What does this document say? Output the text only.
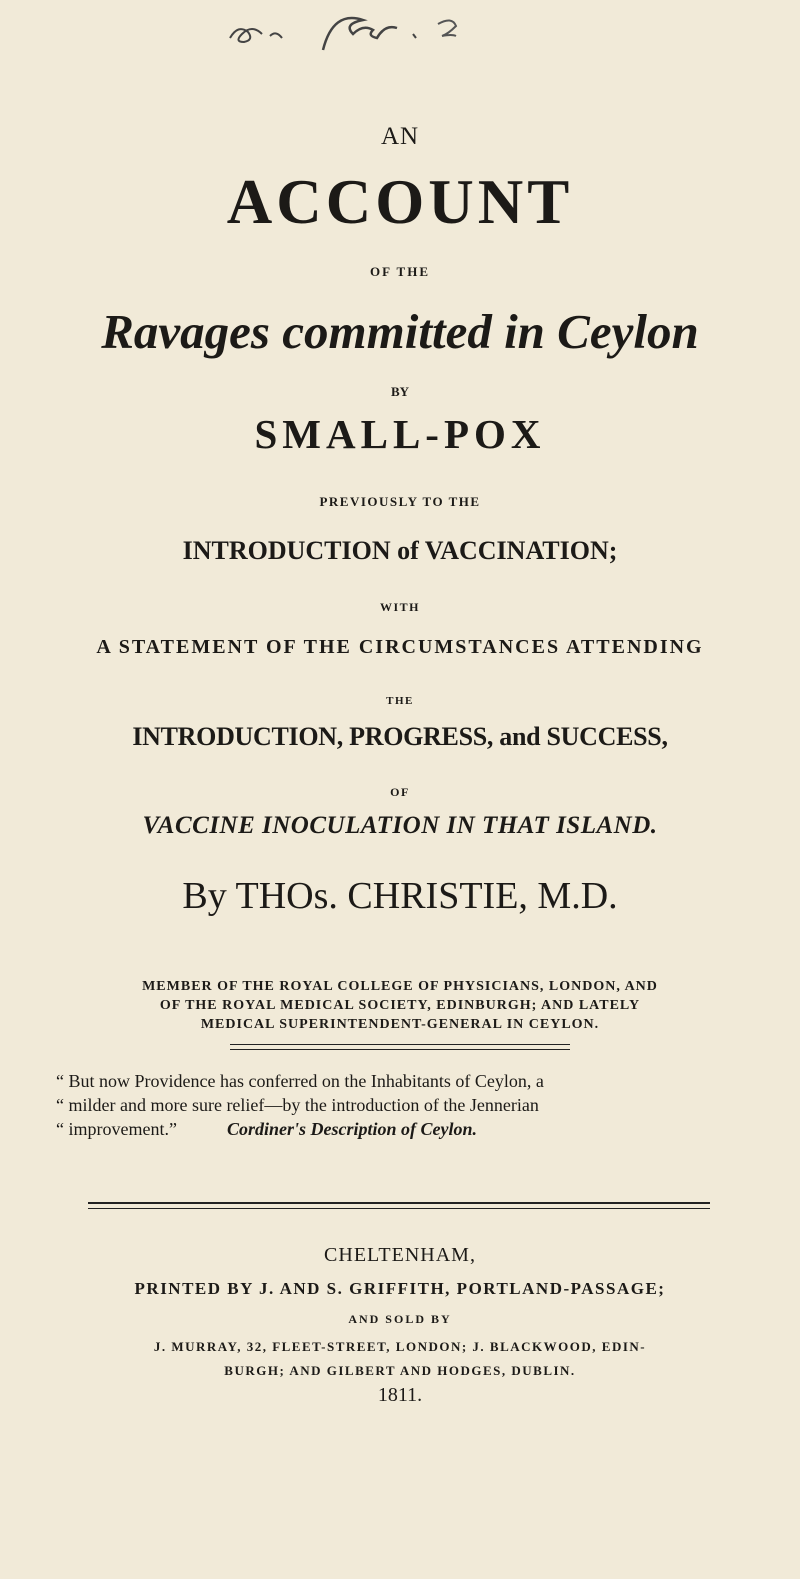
AN
ACCOUNT
OF THE
Ravages committed in Ceylon
BY
SMALL-POX
PREVIOUSLY TO THE
INTRODUCTION of VACCINATION;
WITH
A STATEMENT OF THE CIRCUMSTANCES ATTENDING
THE
INTRODUCTION, PROGRESS, and SUCCESS,
OF
VACCINE INOCULATION IN THAT ISLAND.
By THOs. CHRISTIE, M.D.
MEMBER OF THE ROYAL COLLEGE OF PHYSICIANS, LONDON, AND
OF THE ROYAL MEDICAL SOCIETY, EDINBURGH; AND LATELY
MEDICAL SUPERINTENDENT-GENERAL IN CEYLON.
“ But now Providence has conferred on the Inhabitants of Ceylon, a
“ milder and more sure relief—by the introduction of the Jennerian
“ improvement.”	Cordiner's Description of Ceylon.
CHELTENHAM,
PRINTED BY J. AND S. GRIFFITH, PORTLAND-PASSAGE;
AND SOLD BY
J. MURRAY, 32, FLEET-STREET, LONDON; J. BLACKWOOD, EDIN-
BURGH; AND GILBERT AND HODGES, DUBLIN.
1811.
